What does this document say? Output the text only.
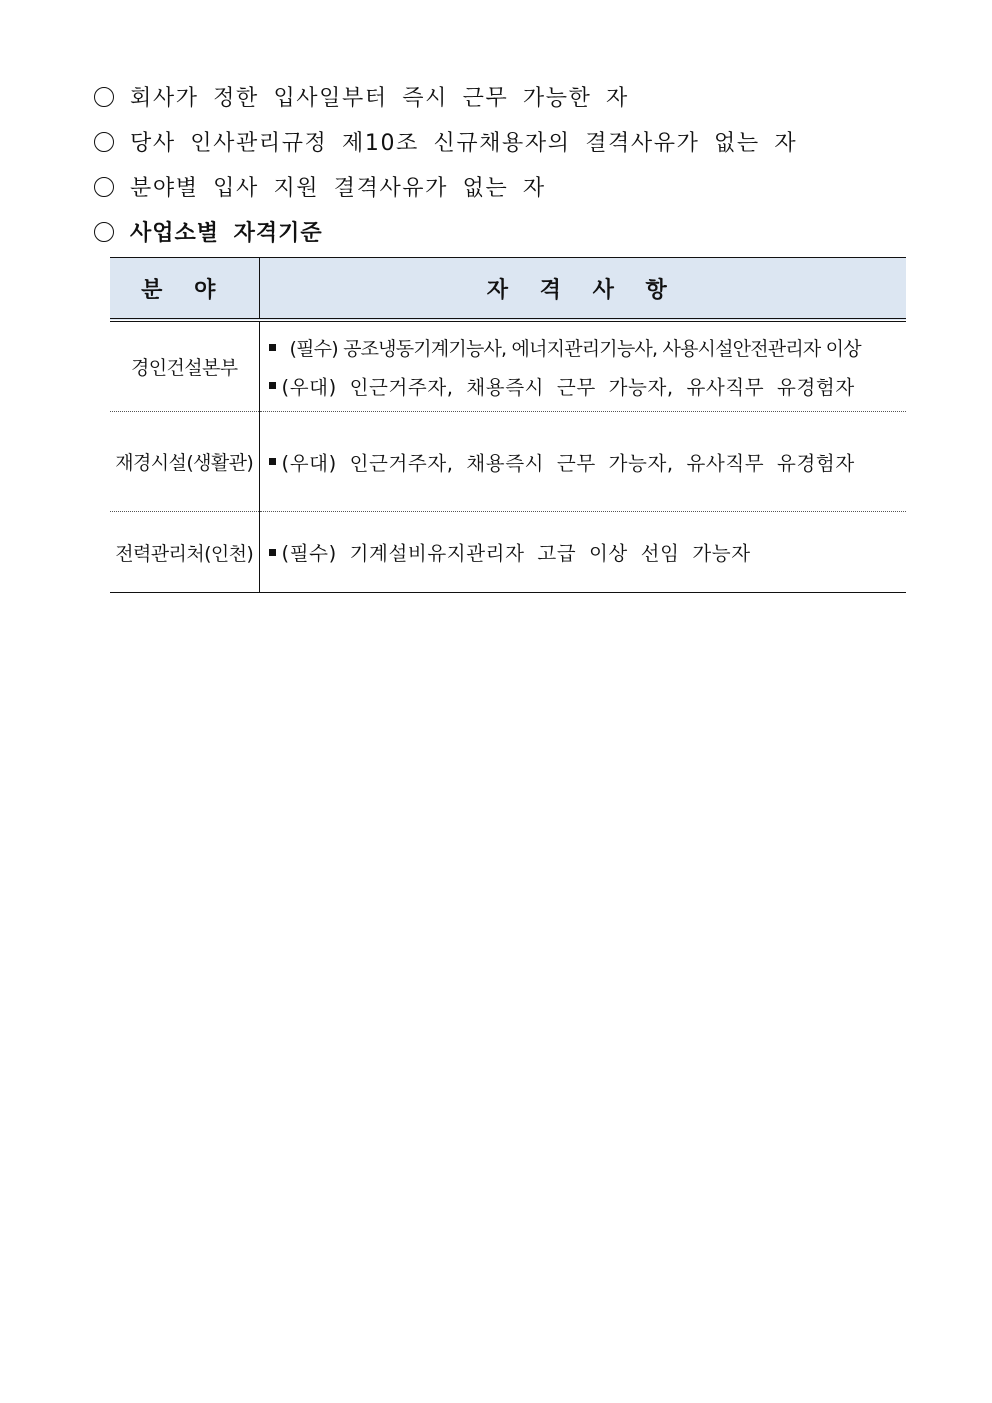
회사가 정한 입사일부터 즉시 근무 가능한 자
당사 인사관리규정 제10조 신규채용자의 결격사유가 없는 자
분야별 입사 지원 결격사유가 없는 자
사업소별 자격기준
분 야	자 격 사 항
경인건설본부	(필수) 공조냉동기계기능사, 에너지관리기능사, 사용시설안전관리자 이상
(우대) 인근거주자, 채용즉시 근무 가능자, 유사직무 유경험자

재경시설(생활관)	(우대) 인근거주자, 채용즉시 근무 가능자, 유사직무 유경험자

전력관리처(인천)	(필수) 기계설비유지관리자 고급 이상 선임 가능자
